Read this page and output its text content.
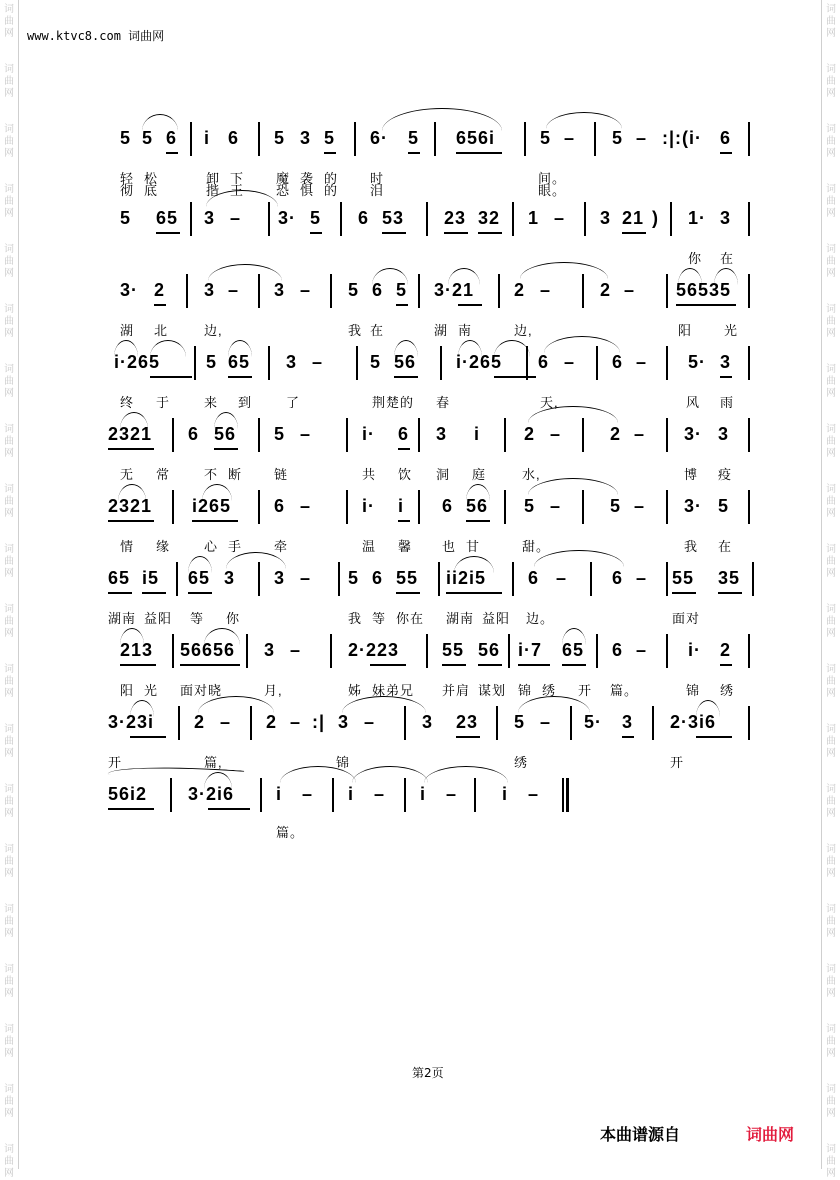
词
曲
网
词
曲
网
词
曲
网
词
曲
网
词
曲
网
词
曲
网
词
曲
网
词
曲
网
词
曲
网
词
曲
网
词
曲
网
词
曲
网
词
曲
网
词
曲
网
词
曲
网
词
曲
网
词
曲
网
词
曲
网
词
曲
网
词
曲
网
词
曲
网
词
曲
网
词
曲
网
词
曲
网
词
曲
网
词
曲
网
词
曲
网
词
曲
网
词
曲
网
词
曲
网
词
曲
网
词
曲
网
词
曲
网
词
曲
网
词
曲
网
词
曲
网
词
曲
网
词
曲
网
词
曲
网
词
曲
网
www.ktvc8.com 词曲网
5 5 6 i 6 5 3 5 6· 5 656i 5 – 5 – :|:(i· 6
轻 松	卸 下 魔 袭 的 时	间。
彻 底	揩 王 恐 惧 的 泪	眼。
5 65 3 – 3· 5 6 53 23 32 1 – 3 21 ) 1· 3
你 在
3· 2 3 – 3 – 5 6 5 3·21 2 –	2 – 56535
湖 北	边,	我 在	湖 南	边,	阳 光
i·265	5 65 3 –	5 56 i·265 6 – 6 – 5· 3
终 于	来 到	了	荆楚的 春	天,	风 雨
2321 6 56 5 –	i· 6 3 i 2 –	2 – 3· 3
无 常	不 断 链	共 饮 洞 庭	水,	博 疫
2321 i265 6 –	i· i 6 56 5 –	5 – 3· 5
情 缘	心 手 牵	温 馨 也 甘	甜。	我 在
65 i5 65 3 3 – 5 6 55 ii2i5 6 – 6 – 55 35
湖南 益阳 等 你	我 等 你在 湖南 益阳 边。	面对
213 56656 3 –	2·223 55 56 i·7 65 6 – i· 2
阳 光 面对晓	月,	姊 妹弟兄 并肩 谋划 锦 绣 开 篇。	锦 绣
3·23i 2 – 2 – :| 3 –	3 23 5 – 5· 3 2·3i6
开	篇,	锦	绣	开
56i2 3·2i6 i – i – i – i –
篇。
第2页
本曲谱源自	词曲网
